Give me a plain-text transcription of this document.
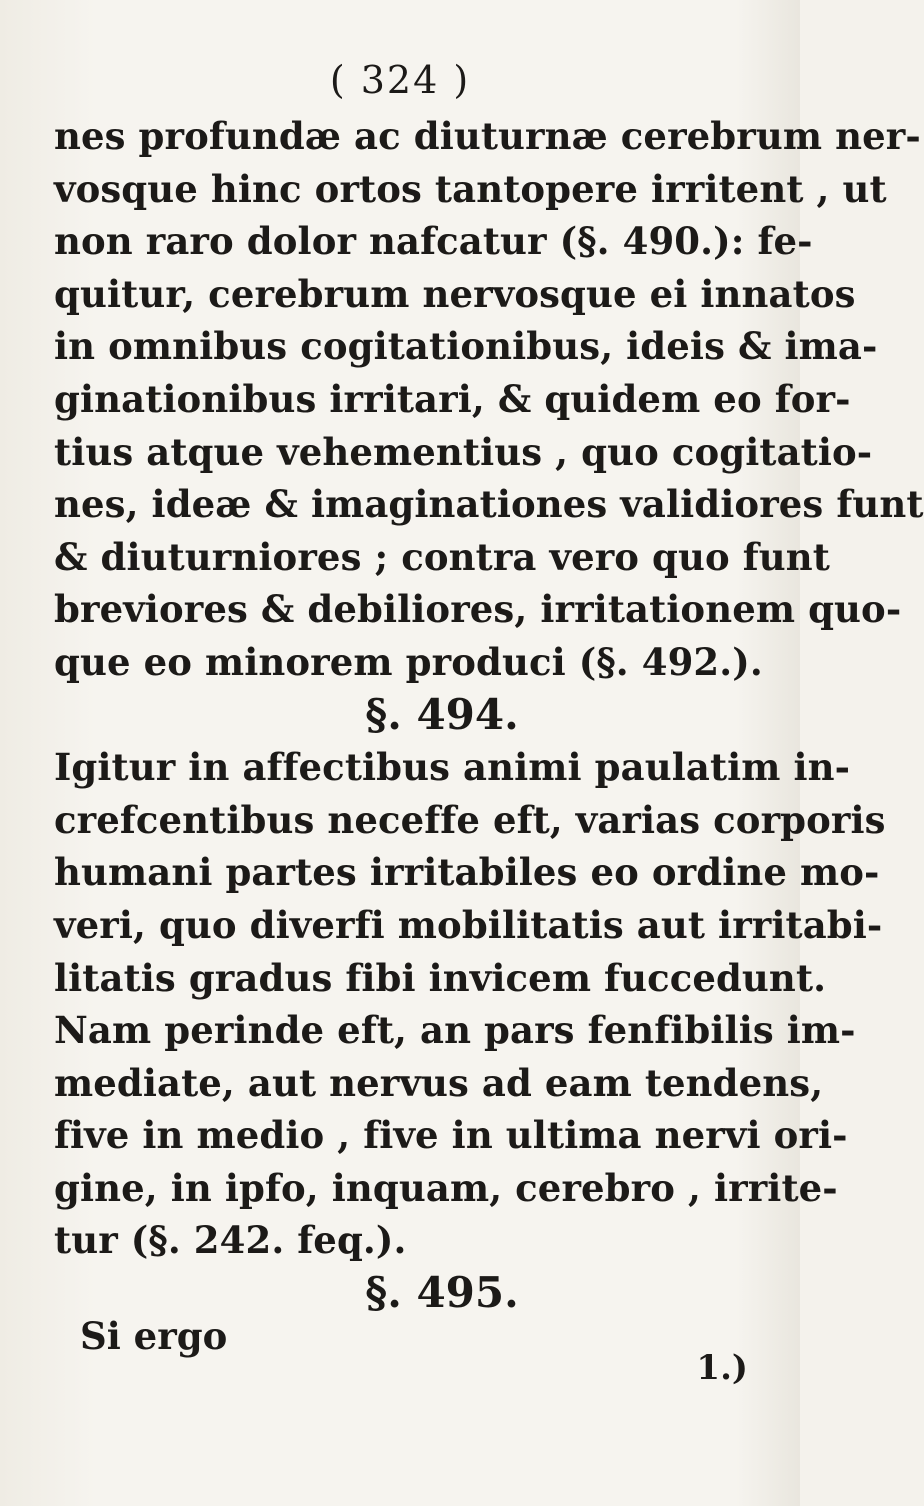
( 324 )
nes profundæ ac diuturnæ cerebrum ner-
vosque hinc ortos tantopere irritent , ut
non raro dolor nafcatur (§. 490.): fe-
quitur, cerebrum nervosque ei innatos
in omnibus cogitationibus, ideis & ima-
ginationibus irritari, & quidem eo for-
tius atque vehementius , quo cogitatio-
nes, ideæ & imaginationes validiores funt
& diuturniores ; contra vero quo funt
breviores & debiliores, irritationem quo-
que eo minorem produci (§. 492.).
§. 494.
Igitur in affectibus animi paulatim in-
crefcentibus neceffe eft, varias corporis
humani partes irritabiles eo ordine mo-
veri, quo diverfi mobilitatis aut irritabi-
litatis gradus fibi invicem fuccedunt.
Nam perinde eft, an pars fenfibilis im-
mediate, aut nervus ad eam tendens,
five in medio , five in ultima nervi ori-
gine, in ipfo, inquam, cerebro , irrite-
tur (§. 242. feq.).
§. 495.
Si ergo
1.)
